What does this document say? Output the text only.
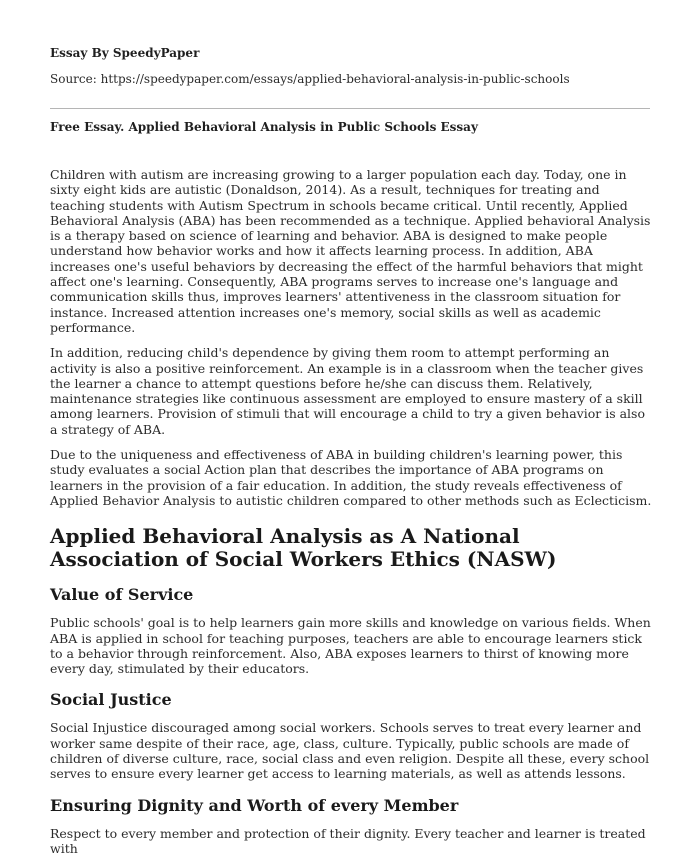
Essay By SpeedyPaper
Source: https://speedypaper.com/essays/applied-behavioral-analysis-in-public-schools
Free Essay. Applied Behavioral Analysis in Public Schools Essay

Children with autism are increasing growing to a larger population each day. Today, one in sixty eight kids are autistic (Donaldson, 2014). As a result, techniques for treating and teaching students with Autism Spectrum in schools became critical. Until recently, Applied Behavioral Analysis (ABA) has been recommended as a technique. Applied behavioral Analysis is a therapy based on science of learning and behavior. ABA is designed to make people understand how behavior works and how it affects learning process. In addition, ABA increases one's useful behaviors by decreasing the effect of the harmful behaviors that might affect one's learning. Consequently, ABA programs serves to increase one's language and communication skills thus, improves learners' attentiveness in the classroom situation for instance. Increased attention increases one's memory, social skills as well as academic performance.

In addition, reducing child's dependence by giving them room to attempt performing an activity is also a positive reinforcement. An example is in a classroom when the teacher gives the learner a chance to attempt questions before he/she can discuss them. Relatively, maintenance strategies like continuous assessment are employed to ensure mastery of a skill among learners. Provision of stimuli that will encourage a child to try a given behavior is also a strategy of ABA.

Due to the uniqueness and effectiveness of ABA in building children's learning power, this study evaluates a social Action plan that describes the importance of ABA programs on learners in the provision of a fair education. In addition, the study reveals effectiveness of Applied Behavior Analysis to autistic children compared to other methods such as Eclecticism.

Applied Behavioral Analysis as A National Association of Social Workers Ethics (NASW)
Value of Service

Public schools' goal is to help learners gain more skills and knowledge on various fields. When ABA is applied in school for teaching purposes, teachers are able to encourage learners stick to a behavior through reinforcement. Also, ABA exposes learners to thirst of knowing more every day, stimulated by their educators.

Social Justice

Social Injustice discouraged among social workers. Schools serves to treat every learner and worker same despite of their race, age, class, culture. Typically, public schools are made of children of diverse culture, race, social class and even religion. Despite all these, every school serves to ensure every learner get access to learning materials, as well as attends lessons.

Ensuring Dignity and Worth of every Member

Respect to every member and protection of their dignity. Every teacher and learner is treated with
